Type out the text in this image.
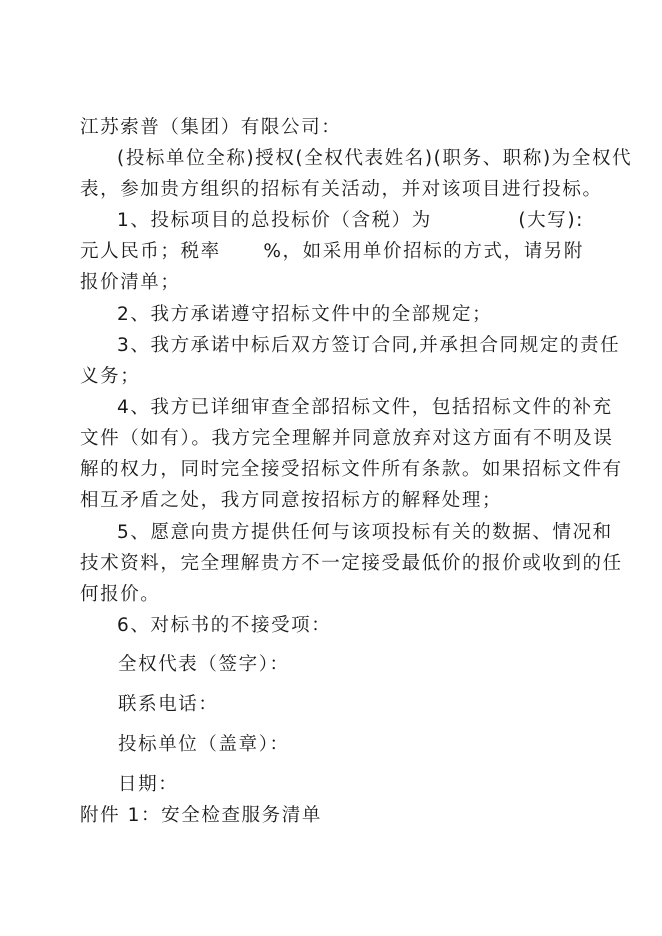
江苏索普（集团）有限公司：
(投标单位全称)授权(全权代表姓名)(职务、职称)为全权代
表，参加贵方组织的招标有关活动，并对该项目进行投标。
1、投标项目的总投标价（含税）为	(大写):
元人民币；税率 %，如采用单价招标的方式，请另附
报价清单；
2、我方承诺遵守招标文件中的全部规定；
3、我方承诺中标后双方签订合同,并承担合同规定的责任
义务；
4、我方已详细审查全部招标文件，包括招标文件的补充
文件（如有）。我方完全理解并同意放弃对这方面有不明及误
解的权力，同时完全接受招标文件所有条款。如果招标文件有
相互矛盾之处，我方同意按招标方的解释处理；
5、愿意向贵方提供任何与该项投标有关的数据、情况和
技术资料，完全理解贵方不一定接受最低价的报价或收到的任
何报价。
6、对标书的不接受项：
全权代表（签字）：
联系电话：
投标单位（盖章）：
日期：
附件 1：安全检查服务清单
